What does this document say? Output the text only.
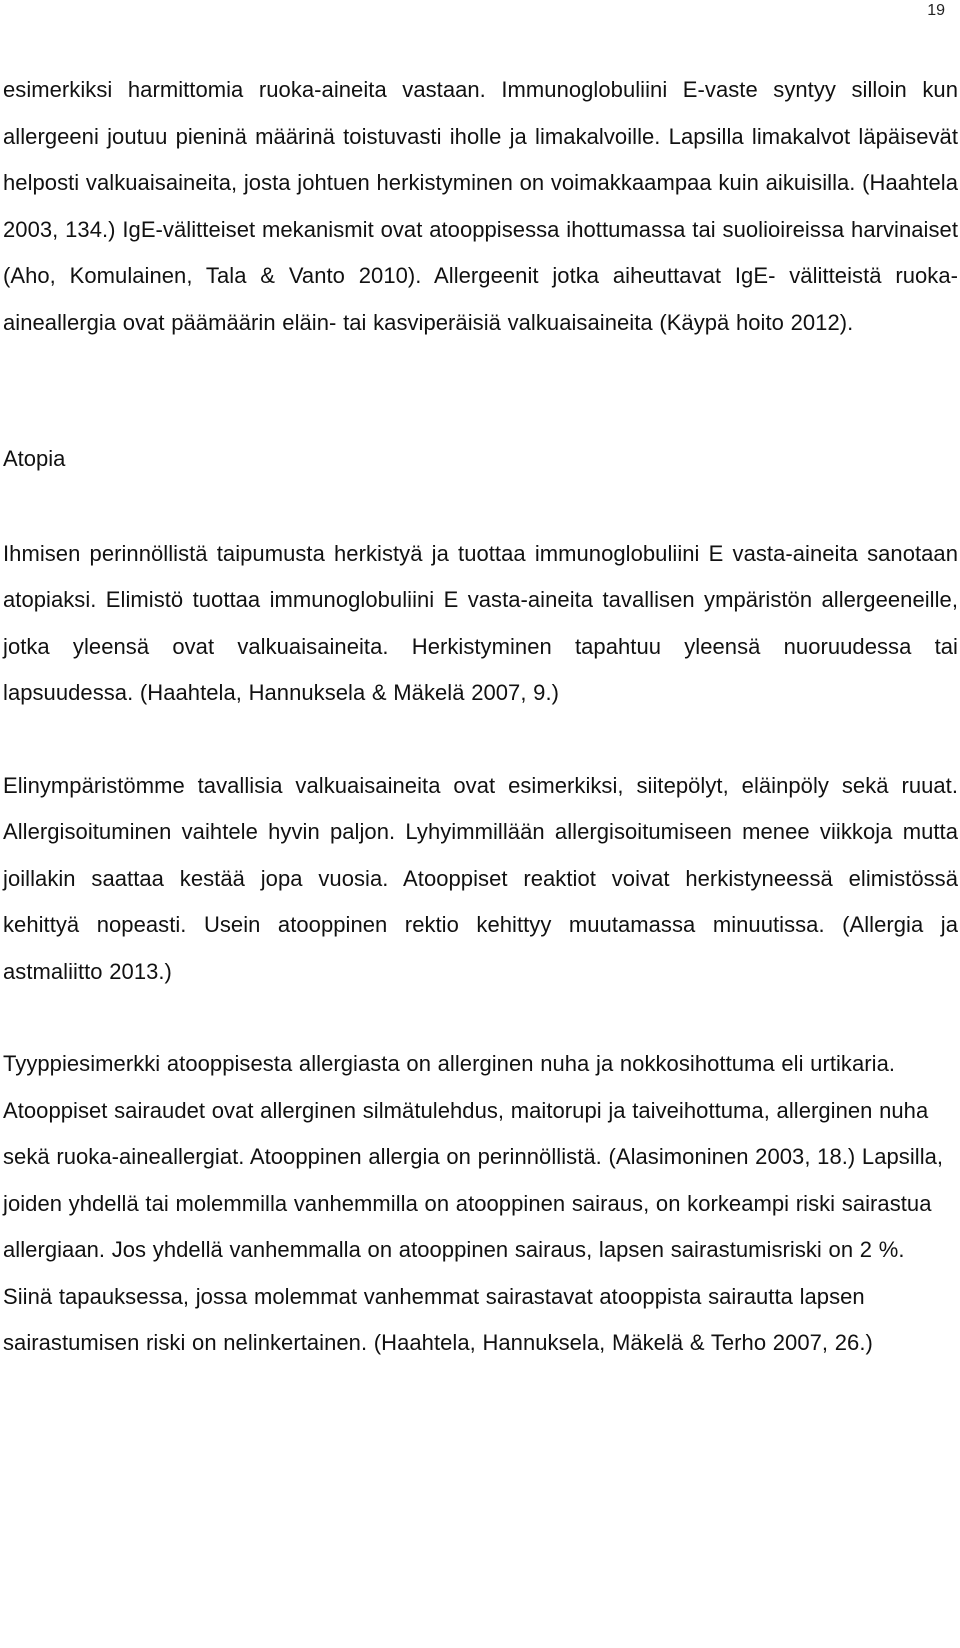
19

esimerkiksi harmittomia ruoka-aineita vastaan. Immunoglobuliini E-vaste syntyy silloin kun allergeeni joutuu pieninä määrinä toistuvasti iholle ja limakalvoille. Lapsilla limakalvot läpäisevät helposti valkuaisaineita, josta johtuen herkistyminen on voimakkaampaa kuin aikuisilla. (Haahtela 2003, 134.) IgE-välitteiset mekanismit ovat atooppisessa ihottumassa tai suolioireissa harvinaiset (Aho, Komulainen, Tala & Vanto 2010). Allergeenit jotka aiheuttavat IgE- välitteistä ruoka-aineallergia ovat päämäärin eläin- tai kasviperäisiä valkuaisaineita (Käypä hoito 2012).

Atopia

Ihmisen perinnöllistä taipumusta herkistyä ja tuottaa immunoglobuliini E vasta-aineita sanotaan atopiaksi. Elimistö tuottaa immunoglobuliini E vasta-aineita tavallisen ympäristön allergeeneille, jotka yleensä ovat valkuaisaineita. Herkistyminen tapahtuu yleensä nuoruudessa tai lapsuudessa. (Haahtela, Hannuksela & Mäkelä 2007, 9.)

Elinympäristömme tavallisia valkuaisaineita ovat esimerkiksi, siitepölyt, eläinpöly sekä ruuat. Allergisoituminen vaihtele hyvin paljon. Lyhyimmillään allergisoitumiseen menee viikkoja mutta joillakin saattaa kestää jopa vuosia. Atooppiset reaktiot voivat herkistyneessä elimistössä kehittyä nopeasti. Usein atooppinen rektio kehittyy muutamassa minuutissa. (Allergia ja astmaliitto 2013.)

Tyyppiesimerkki atooppisesta allergiasta on allerginen nuha ja nokkosihottuma eli urtikaria. Atooppiset sairaudet ovat allerginen silmätulehdus, maitorupi ja taiveihottuma, allerginen nuha sekä ruoka-aineallergiat. Atooppinen allergia on perinnöllistä. (Alasimoninen 2003, 18.) Lapsilla, joiden yhdellä tai molemmilla vanhemmilla on atooppinen sairaus, on korkeampi riski sairastua allergiaan. Jos yhdellä vanhemmalla on atooppinen sairaus, lapsen sairastumisriski on 2 %. Siinä tapauksessa, jossa molemmat vanhemmat sairastavat atooppista sairautta lapsen sairastumisen riski on nelinkertainen. (Haahtela, Hannuksela, Mäkelä & Terho 2007, 26.)
